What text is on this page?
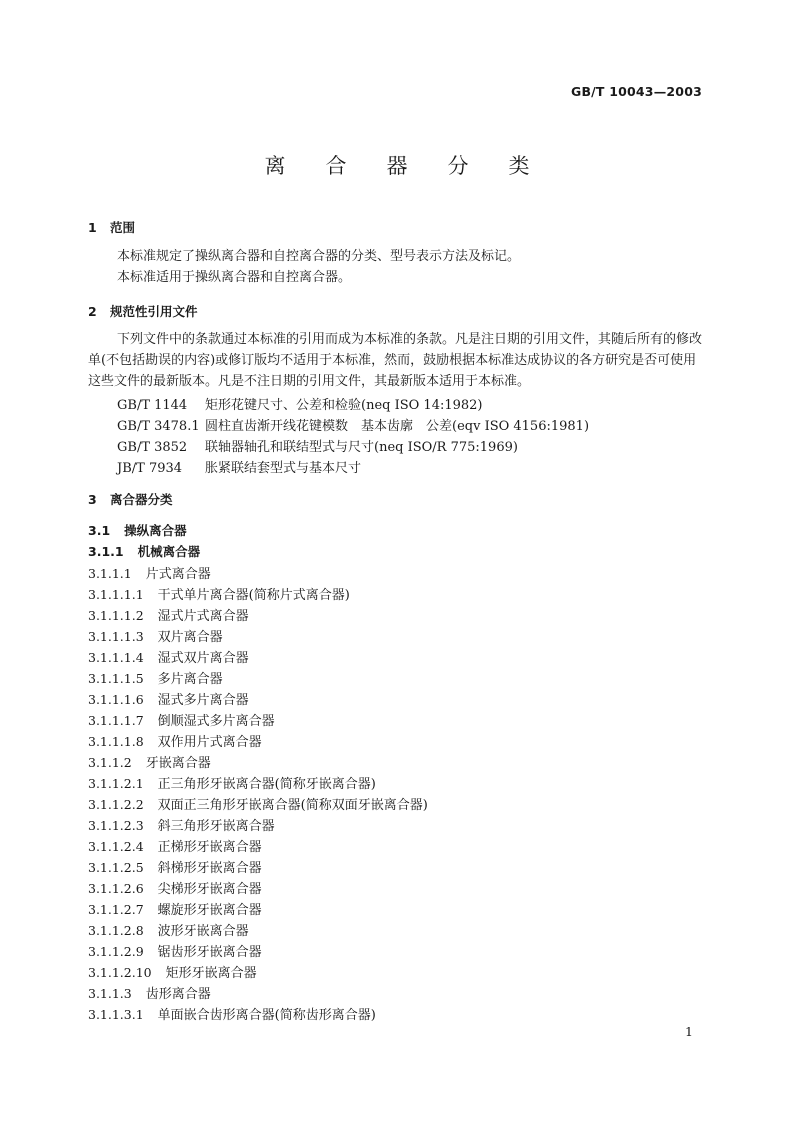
GB/T 10043—2003
离合器分类
1 范围
本标准规定了操纵离合器和自控离合器的分类、型号表示方法及标记。
本标准适用于操纵离合器和自控离合器。
2 规范性引用文件
下列文件中的条款通过本标准的引用而成为本标准的条款。凡是注日期的引用文件，其随后所有的修改单(不包括勘误的内容)或修订版均不适用于本标准，然而，鼓励根据本标准达成协议的各方研究是否可使用这些文件的最新版本。凡是不注日期的引用文件，其最新版本适用于本标准。
GB/T 1144 矩形花键尺寸、公差和检验(neq ISO 14:1982)
GB/T 3478.1 圆柱直齿渐开线花键模数　基本齿廓　公差(eqv ISO 4156:1981)
GB/T 3852 联轴器轴孔和联结型式与尺寸(neq ISO/R 775:1969)
JB/T 7934 胀紧联结套型式与基本尺寸
3 离合器分类
3.1 操纵离合器
3.1.1 机械离合器
3.1.1.1 片式离合器
3.1.1.1.1 干式单片离合器(简称片式离合器)
3.1.1.1.2 湿式片式离合器
3.1.1.1.3 双片离合器
3.1.1.1.4 湿式双片离合器
3.1.1.1.5 多片离合器
3.1.1.1.6 湿式多片离合器
3.1.1.1.7 倒顺湿式多片离合器
3.1.1.1.8 双作用片式离合器
3.1.1.2 牙嵌离合器
3.1.1.2.1 正三角形牙嵌离合器(简称牙嵌离合器)
3.1.1.2.2 双面正三角形牙嵌离合器(简称双面牙嵌离合器)
3.1.1.2.3 斜三角形牙嵌离合器
3.1.1.2.4 正梯形牙嵌离合器
3.1.1.2.5 斜梯形牙嵌离合器
3.1.1.2.6 尖梯形牙嵌离合器
3.1.1.2.7 螺旋形牙嵌离合器
3.1.1.2.8 波形牙嵌离合器
3.1.1.2.9 锯齿形牙嵌离合器
3.1.1.2.10 矩形牙嵌离合器
3.1.1.3 齿形离合器
3.1.1.3.1 单面嵌合齿形离合器(简称齿形离合器)
1
